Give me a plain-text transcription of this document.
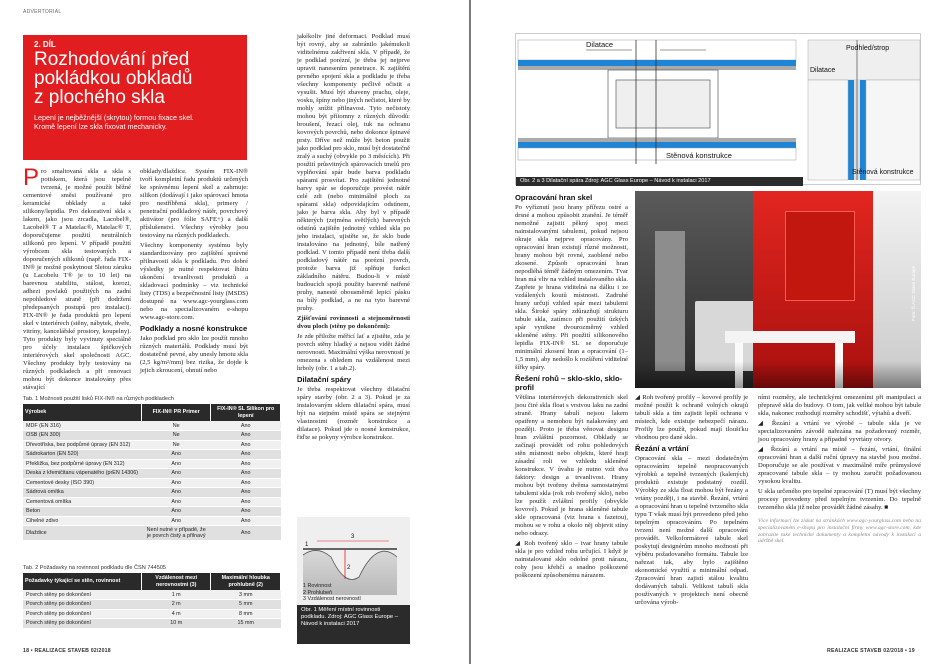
ADVERTORIAL
2. DÍL
Rozhodování před
pokládkou obkladů
z plochého skla
Lepení je nejběžnější (skrytou) formou fixace skel.
Kromě lepení lze skla fixovat mechanicky.

Pro smaltovaná skla a skla s potiskem, která jsou tepelně tvrzená, je možné použít běžné cementové směsi používané pro keramické obklady a také silikony/lepidla. Pro dekorativní skla s lakem, jako jsou zrcadla, Lacobel®, Lacobel® T a Matelac®, Matelac® T, doporučujeme použití neutrálních silikonů pro lepení. V případě použití výrobcem skla testovaných a doporučených silikonů (např. řada FIX-IN® je možné poskytnout 5letou záruku (u Lacobelu T® je to 10 let) na barevnou stabilitu, stálost, korozi, adhezi povlaků použitých na zadní nepohledové straně (při dodržení předepsaných postupů pro instalaci). FIX-IN® je řada produktů pro lepení skel v interiérech (stěny, nábytek, dveře, vitríny, kancelářské prostory, koupelny). Tyto produkty byly vyvinuty speciálně pro účely instalace špičkových interiérových skel společnosti AGC. Všechny produkty byly testovány na různých podkladech a při renovaci mohou být dokonce instalovány přes stávající

obklady/dlaždice. Systém FIX-IN® tvoří kompletní řadu produktů určených ke správnému lepení skel a zahrnuje: silikon (dodávají i jako spárovací hmota pro nestříbřená skla), primery / penetrační podkladový nátěr, povrchový aktivátor (pro fólie SAFE+) a další příslušenství. Všechny výrobky jsou testovány na různých podkladech.

Všechny komponenty systému byly standardizovány pro zajištění správné přilnavosti skla k podkladu. Pro dobré výsledky je nutné respektovat lhůtu ukončení trvanlivosti produktů a skladovací podmínky – viz technické listy (TDS) a bezpečnostní listy (MSDS) dostupné na www.agc-yourglass.com nebo na specializovaném e-shopu www.agc-store.com.

Podklady a nosné konstrukce

Jako podklad pro sklo lze použít mnoho různých materiálů. Podklady musí být dostatečně pevné, aby unesly hmotu skla (2,5 kg/m²/mm) bez rizika, že dojde k jejich zkroucení, ohnutí nebo

jakékoliv jiné deformaci. Podklad musí být rovný, aby se zabránilo jakémukoli viditelnému zakřivení skla. V případě, že je podklad porézní, je třeba jej nejprve upravit nanesením penetrace. K zajištění pevného spojení skla a podkladu je třeba všechny komponenty pečlivě očistit a vysušit. Musí být zbaveny prachu, oleje, vosku, špíny nebo jiných nečistot, které by mohly snížit přilnavost. Tyto nečistoty mohou být přítomny z různých důvodů: broušení, řezací olej, tuk na ochranu kovových povrchů, nebo dokonce špinavé prsty. Dříve než může být beton použit jako podklad pro sklo, musí být dostatečně zralý a suchý (obvykle po 3 měsících). Při použití průsvitných spárovacích tmelů pro vyplňování spár bude barva podkladu spárami prosvítat. Pro zajištění jednotné barvy spár se doporučuje provést nátěr celé zdi (nebo minimálně ploch za spárami skla) odpovídajícím odstínem, jako je barva skla. Aby byl v případě některých (zejména světlých) barevných odstínů zajištěn jednotný vzhled skla po jeho instalaci, ujistěte se, že sklo bude instalováno na jednotný, bíle natřený podklad. V tomto případě není třeba další podkladový nátěr na porézní povrch, protože barva již splňuje funkci základního nátěru. Budou-li v místě budoucích spojů použity barevně natřené pruhy, nanesté obousměrně lepicí pásku na bílý podklad, a ne na tyto barevné pruhy.

Zjišťování rovinnosti a stejnoměrnosti dvou ploch (stěny po dokončení):

Je zde přiložte měřicí lať a zjistěte, zda je povrch stěny hladký a nejsou vidět žádné nerovnosti. Maximální výška nerovností je omezena s ohledem na vzdálenost mezi hrboly (obr. 1 a tab.2).

Dilatační spáry

Je třeba respektovat všechny dilatační spáry stavby (obr. 2 a 3). Pokud je za instalovaným sklem dilatační spára, musí být na stejném místě spára se stejnými vlastnostmi (rozměr konstrukce a dilatace). Pokud jde o nosné konstrukce, řiďte se pokyny výrobce konstrukce.

Tab. 1 Možnosti použití lisků FIX-IN® na různých podkladech
Výrobek	FIX-IN® PR Primer	FIX-IN® SL Silikon pro lepení
MDF (EN 316)	Ne	Ano
OSB (EN 300)	Ne	Ano
Dřevotříska, bez podpůrné úpravy (EN 312)	Ne	Ano
Sádrokarton (EN 520)	Ano	Ano
Překližka, bez podpůrné úpravy (EN 312)	Ano	Ano
Deska z křemičitanu vápenatého (prEN 14306)	Ano	Ano
Cementové desky (ISO 390)	Ano	Ano
Sádrová omítka	Ano	Ano
Cementová omítka	Ano	Ano
Beton	Ano	Ano
Cihelné zdivo	Ano	Ano
Dlaždice	Není nutné v případě, že je povrch čistý a přilnavý	Ano
Tab. 2 Požadavky na rovinnost podkladu dle ČSN 744505
Požadavky týkající se stěn, rovinnost	Vzdálenost mezi nerovnostmi (3)	Maximální hloubka prohlubně (2)
Povrch stěny po dokončení	1 m	3 mm
Povrch stěny po dokončení	2 m	5 mm
Povrch stěny po dokončení	4 m	8 mm
Povrch stěny po dokončení	10 m	15 mm
1
2
3
1 Rovinnost
2 Prohlubeň
3 Vzdálenost nerovností
Obr. 1 Měření místní rovinnosti podkladu. Zdroj: AGC Glass Europe – Návod k instalaci 2017
18 • REALIZACE STAVEB 02/2018
Dilatace
Stěnová konstrukce
Podhled/strop
Dilatace
Stěnová konstrukce
Obr. 2 a 3 Dilatační spára Zdroj: AGC Glass Europe – Návod k instalaci 2017
Foto: © AGC Glass Europe
Opracování hran skel

Po vyříznutí jsou hrany přířezu ostré a drsné a mohou způsobit zranění. Je téměř nemožné zajistit pěkný spoj mezi nainstalovanými tabulemi, pokud nejsou okraje skla nejprve opracovány. Pro opracování hran existují různé možnosti, hrany mohou být rovné, zaoblené nebo zkosené. Způsob opracování hran nepodléhá téměř žádným omezením. Tvar hran má vliv na vzhled instalovaného skla. Zapřete je hrana viditelná na dálku i ze vzdálených koutů místnosti. Zadruhé hrany určují vzhled spár mezi tabulemi skla. Široké spáry zdůrazňují strukturu tabule skla, zatímco při použití úzkých spár vynikne dvourozměrný vzhled skleněné stěny. Při použití silikonového lepidla FIX-IN® SL se doporučuje minimální zkosení hran a opracování (1–1,5 mm), aby nedošlo k rozšíření viditelné šířky spáry.

Řešení rohů – sklo-sklo, sklo-profil

Většina interiérových dekorativních skel jsou čiré skla float s vrstvou laku na zadní straně. Hrany tabulí nejsou lakem opatřeny a nemohou být nalakovány ani později. Proto je třeba věnovat designu hran zvláštní pozornost. Obklady se začínají provádět od rohu pohledových stěn místnosti nebo objektu, které hraji zásadní roli ve vzhledu skleněné konstrukce. V úvahu je nutno vzít dva faktory: design a trvanlivost. Hrany mohou být tvořeny dvěma samostatnými tabulemi skla (rok roh tvořený sklo), nebo lze použít zvláštní profily (obvykle kovové). Pokud je hrana skleněné tabule skle opracovaná (viz hrana s fazetou), mohou se v rohu a okolo něj objevit stíny nebo odrazy.

◢ Roh tvořený sklo – tvar hrany tabule skla je pro vzhled rohu určující. I když je nainstalované sklo odolné proti nárazu, rohy jsou křehčí a snadno poškozené poškození způsobenému nárazem.

◢ Roh tvořený profily – kovové profily je možné použít k ochraně volných okrajů tabulí skla a tím zajistit lepší ochranu v místech, kde existuje nebezpečí nárazu. Profily lze použít, pokud mají tloušťku vhodnou pro dané sklo.

Řezání a vrtání

Opracování skla – mezi dodatečným opracováním tepelně neopracovaných výrobků a tepelně tvrzených (kalených) produktů existuje podstatný rozdíl. Výrobky ze skla float mohou být řezány a vrtány později, i na stavbě. Řezání, vrtání a opracování hran u tepelně tvrzeného skla typu T však musí být provedeno před jeho tepelným opracováním. Po tepelném tvrzení není možné další opracování provádět. Velkoformátové tabule skel poskytují designérům mnoho možností při výběru požadovaného formátu. Tabule lze nařezat tak, aby bylo zajištěno ekonomické využití a minimální odpad. Zpracování hran zajistí stálou kvalitu dodávaných tabulí. Velikost tabulí skla používaných v projektech není obecně určována výrob-

ními rozměry, ale technickými omezeními při manipulaci a přepravě skla do budovy. O tom, jak veliké mohou být tabule skla, nakonec rozhodují rozměry schodišť, výtahů a dveří.

◢ Řezání a vrtání ve výrobě – tabule skla je ve specializovaném závodě nařezána na požadovaný rozměr, jsou opracovány hrany a případně vyvrtány otvory.

◢ Řezání a vrtání na místě – řezání, vrtání, finální opracování hran a další ruční úpravy na stavbě jsou možné. Doporučuje se ale používat v maximálně míře průmyslové zpracované tabule skla – ty mohou zaručit požadovanou vysokou kvalitu.

U skla určeného pro tepelné zpracování (T) musí být všechny procesy provedeny před tepelným tvrzením. Do tepelně tvrzeného skla již nelze provádět žádné zásahy. ■

Více informací lze získat na stránkách www.agc-yourglass.com nebo na specializovaném e-shopu pro instalační firmy www.agc-store.com, kde zobrazíte také technické dokumenty a kompletní návody k instalaci a údržbě skel.

REALIZACE STAVEB 02/2018 • 19
